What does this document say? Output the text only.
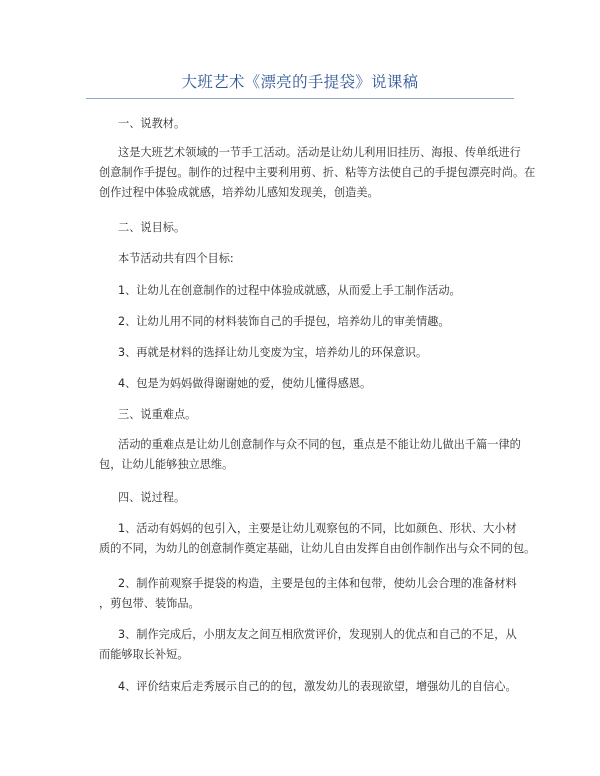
大班艺术《漂亮的手提袋》说课稿

一、说教材。

这是大班艺术领域的一节手工活动。活动是让幼儿利用旧挂历、海报、传单纸进行
创意制作手提包。制作的过程中主要利用剪、折、粘等方法使自己的手提包漂亮时尚。在
创作过程中体验成就感，培养幼儿感知发现美，创造美。

二、说目标。

本节活动共有四个目标:

1、让幼儿在创意制作的过程中体验成就感，从而爱上手工制作活动。

2、让幼儿用不同的材料装饰自己的手提包，培养幼儿的审美情趣。

3、再就是材料的选择让幼儿变废为宝，培养幼儿的环保意识。

4、包是为妈妈做得谢谢她的爱，使幼儿懂得感恩。

三、说重难点。

活动的重难点是让幼儿创意制作与众不同的包，重点是不能让幼儿做出千篇一律的
包，让幼儿能够独立思维。

四、说过程。

1、活动有妈妈的包引入，主要是让幼儿观察包的不同，比如颜色、形状、大小材
质的不同，为幼儿的创意制作奠定基础，让幼儿自由发挥自由创作制作出与众不同的包。

2、制作前观察手提袋的构造，主要是包的主体和包带，使幼儿会合理的准备材料
，剪包带、装饰品。

3、制作完成后，小朋友友之间互相欣赏评价，发现别人的优点和自己的不足，从
而能够取长补短。

4、评价结束后走秀展示自己的的包，激发幼儿的表现欲望，增强幼儿的自信心。
